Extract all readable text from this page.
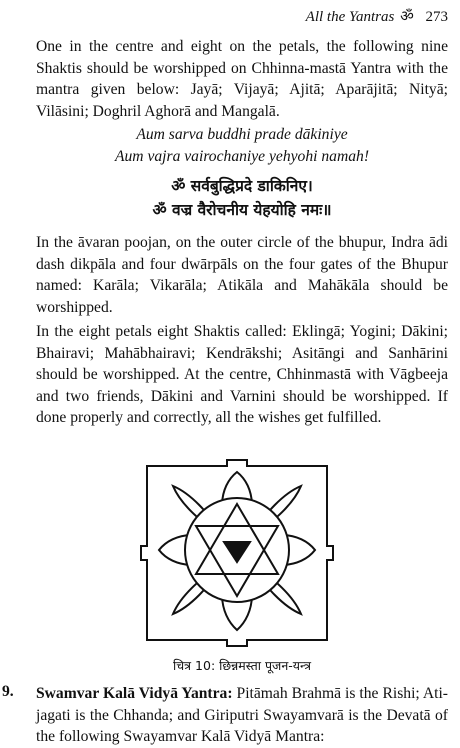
All the Yantras ॐ 273

One in the centre and eight on the petals, the following nine Shaktis should be worshipped on Chhinna-mastā Yantra with the mantra given below: Jayā; Vijayā; Ajitā; Aparājitā; Nityā; Vilāsini; Doghril Aghorā and Mangalā.

Aum sarva buddhi prade dākiniye
Aum vajra vairochaniye yehyohi namah!
ॐ सर्वबुद्धिप्रदे डाकिनिए।
ॐ वज्र वैरोचनीय येहयोहि नमः॥

In the āvaran poojan, on the outer circle of the bhupur, Indra ādi dash dikpāla and four dwārpāls on the four gates of the Bhupur named: Karāla; Vikarāla; Atikāla and Mahākāla should be worshipped.

In the eight petals eight Shaktis called: Eklingā; Yogini; Dākini; Bhairavi; Mahābhairavi; Kendrākshi; Asitāngi and Sanhārini should be worshipped. At the centre, Chhinmastā with Vāgbeeja and two friends, Dākini and Varnini should be worshipped. If done properly and correctly, all the wishes get fulfilled.

चित्र 10: छिन्नमस्ता पूजन-यन्त्र
9. Swamvar Kalā Vidyā Yantra: Pitāmah Brahmā is the Rishi; Ati-jagati is the Chhanda; and Giriputri Swayamvarā is the Devatā of the following Swayamvar Kalā Vidyā Mantra:
